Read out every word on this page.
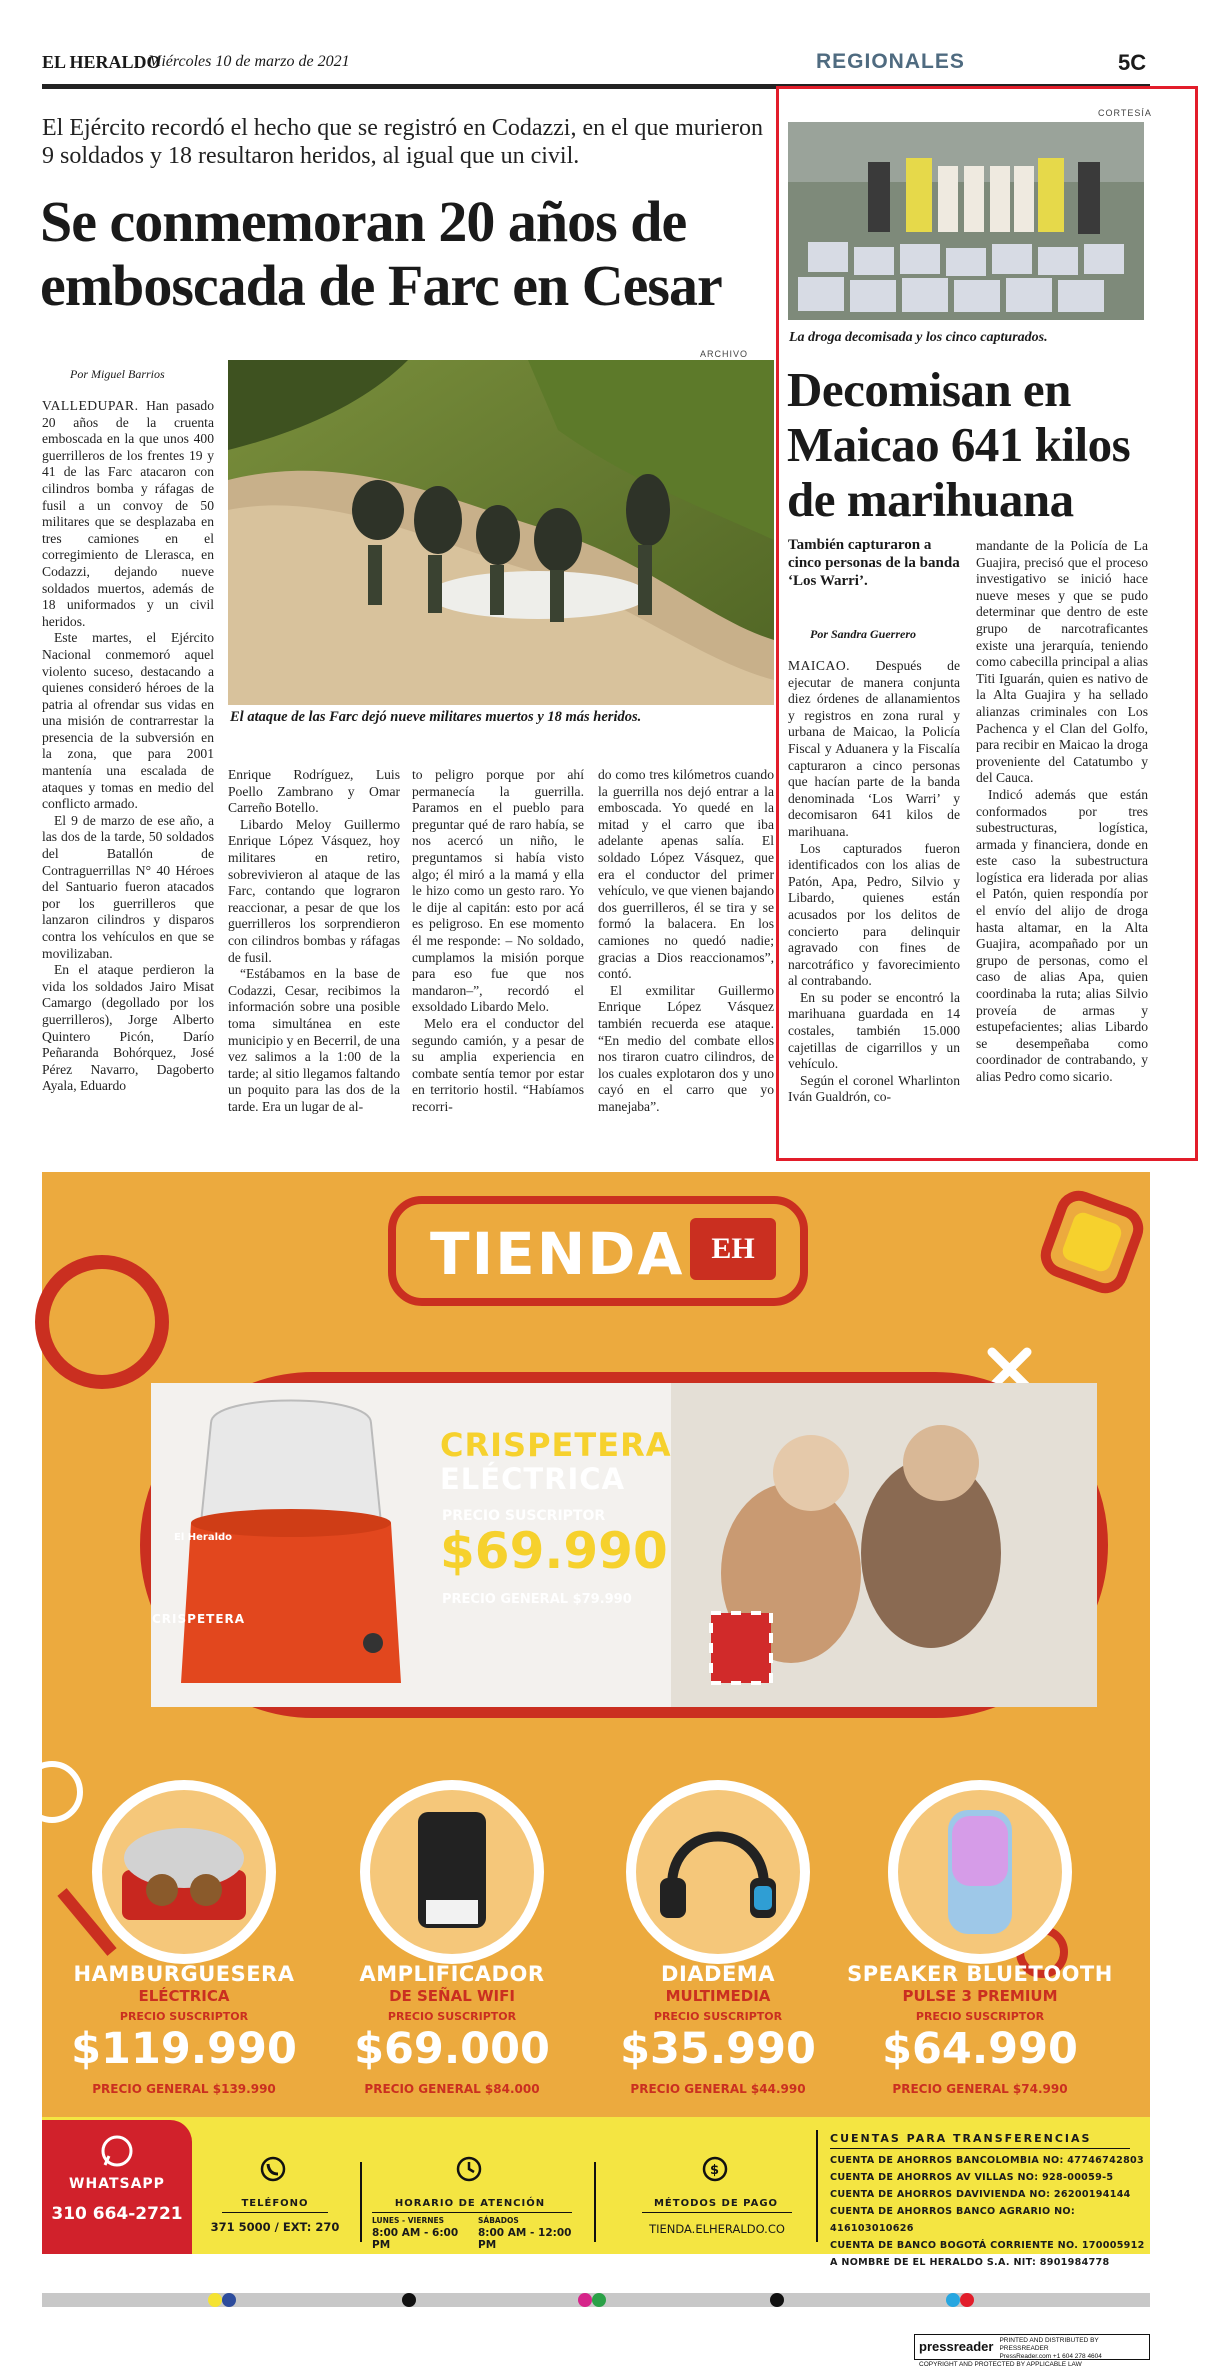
EL HERALDO
Miércoles 10 de marzo de 2021	REGIONALES	5C
El Ejército recordó el hecho que se registró en Codazzi, en el que murieron 9 soldados y 18 resultaron heridos, al igual que un civil.
Se conmemoran 20 años de emboscada de Farc en Cesar
ARCHIVO
El ataque de las Farc dejó nueve militares muertos y 18 más heridos.
Por Miguel Barrios

VALLEDUPAR. Han pasado 20 años de la cruenta emboscada en la que unos 400 guerrilleros de los frentes 19 y 41 de las Farc atacaron con cilindros bomba y ráfagas de fusil a un convoy de 50 militares que se desplazaba en tres camiones en el corregimiento de Llerasca, en Codazzi, dejando nueve soldados muertos, además de 18 uniformados y un civil heridos.

Este martes, el Ejército Nacional conmemoró aquel violento suceso, destacando a quienes consideró héroes de la patria al ofrendar sus vidas en una misión de contrarrestar la presencia de la subversión en la zona, que para 2001 mantenía una escalada de ataques y tomas en medio del conflicto armado.

El 9 de marzo de ese año, a las dos de la tarde, 50 soldados del Batallón de Contraguerrillas N° 40 Héroes del Santuario fueron atacados por los guerrilleros que lanzaron cilindros y disparos contra los vehículos en que se movilizaban.

En el ataque perdieron la vida los soldados Jairo Misat Camargo (degollado por los guerrilleros), Jorge Alberto Quintero Picón, Darío Peñaranda Bohórquez, José Pérez Navarro, Dagoberto Ayala, Eduardo

Enrique Rodríguez, Luis Poello Zambrano y Omar Carreño Botello.

Libardo Meloy Guillermo Enrique López Vásquez, hoy militares en retiro, sobrevivieron al ataque de las Farc, contando que lograron reaccionar, a pesar de que los guerrilleros los sorprendieron con cilindros bombas y ráfagas de fusil.

“Estábamos en la base de Codazzi, Cesar, recibimos la información sobre una posible toma simultánea en este municipio y en Becerril, de una vez salimos a la 1:00 de la tarde; al sitio llegamos faltando un poquito para las dos de la tarde. Era un lugar de al-

to peligro porque por ahí permanecía la guerrilla. Paramos en el pueblo para preguntar qué de raro había, se nos acercó un niño, le preguntamos si había visto algo; él miró a la mamá y ella le hizo como un gesto raro. Yo le dije al capitán: esto por acá es peligroso. En ese momento él me responde: – No soldado, cumplamos la misión porque para eso fue que nos mandaron–”, recordó el exsoldado Libardo Melo.

Melo era el conductor del segundo camión, y a pesar de su amplia experiencia en combate sentía temor por estar en territorio hostil. “Habíamos recorri-

do como tres kilómetros cuando la guerrilla nos dejó entrar a la emboscada. Yo quedé en la mitad y el carro que iba adelante apenas salía. El soldado López Vásquez, que era el conductor del primer vehículo, ve que vienen bajando dos guerrilleros, él se tira y se formó la balacera. En los camiones no quedó nadie; gracias a Dios reaccionamos”, contó.

El exmilitar Guillermo Enrique López Vásquez también recuerda ese ataque. “En medio del combate ellos nos tiraron cuatro cilindros, de los cuales explotaron dos y uno cayó en el carro que yo manejaba”.

CORTESÍA
La droga decomisada y los cinco capturados.
Decomisan en Maicao 641 kilos de marihuana
También capturaron a cinco personas de la banda ‘Los Warri’.
Por Sandra Guerrero

MAICAO. Después de ejecutar de manera conjunta diez órdenes de allanamientos y registros en zona rural y urbana de Maicao, la Policía Fiscal y Aduanera y la Fiscalía capturaron a cinco personas que hacían parte de la banda denominada ‘Los Warri’ y decomisaron 641 kilos de marihuana.

Los capturados fueron identificados con los alias de Patón, Apa, Pedro, Silvio y Libardo, quienes están acusados por los delitos de concierto para delinquir agravado con fines de narcotráfico y favorecimiento al contrabando.

En su poder se encontró la marihuana guardada en 14 costales, también 15.000 cajetillas de cigarrillos y un vehículo.

Según el coronel Wharlinton Iván Gualdrón, co-

mandante de la Policía de La Guajira, precisó que el proceso investigativo se inició hace nueve meses y que se pudo determinar que dentro de este grupo de narcotraficantes existe una jerarquía, teniendo como cabecilla principal a alias Titi Iguarán, quien es nativo de la Alta Guajira y ha sellado alianzas criminales con Los Pachenca y el Clan del Golfo, para recibir en Maicao la droga proveniente del Catatumbo y del Cauca.

Indicó además que están conformados por tres subestructuras, logística, armada y financiera, donde en este caso la subestructura logística era liderada por alias el Patón, quien respondía por el envío del alijo de droga hasta altamar, en la Alta Guajira, acompañado por un grupo de personas, como el caso de alias Apa, quien coordinaba la ruta; alias Silvio proveía de armas y estupefacientes; alias Libardo se desempeñaba como coordinador de contrabando, y alias Pedro como sicario.

TIENDA EH
El Heraldo
CRISPETERA
CRISPETERA
ELÉCTRICA
PRECIO SUSCRIPTOR
$69.990
PRECIO GENERAL $79.990
HAMBURGUESERA
ELÉCTRICA
PRECIO SUSCRIPTOR
$119.990
PRECIO GENERAL $139.990
AMPLIFICADOR
DE SEÑAL WIFI
PRECIO SUSCRIPTOR
$69.000
PRECIO GENERAL $84.000
DIADEMA
MULTIMEDIA
PRECIO SUSCRIPTOR
$35.990
PRECIO GENERAL $44.990
SPEAKER BLUETOOTH
PULSE 3 PREMIUM
PRECIO SUSCRIPTOR
$64.990
PRECIO GENERAL $74.990
WHATSAPP
310 664-2721
TELÉFONO
371 5000 / EXT: 270
HORARIO DE ATENCIÓN
LUNES - VIERNES
8:00 AM - 6:00 PM
SÁBADOS
8:00 AM - 12:00 PM
$
MÉTODOS DE PAGO
TIENDA.ELHERALDO.CO
CUENTAS PARA TRANSFERENCIAS
CUENTA DE AHORROS BANCOLOMBIA NO: 47746742803
CUENTA DE AHORROS AV VILLAS NO: 928-00059-5
CUENTA DE AHORROS DAVIVIENDA NO: 26200194144
CUENTA DE AHORROS BANCO AGRARIO NO: 416103010626
CUENTA DE BANCO BOGOTÁ CORRIENTE NO. 170005912
A NOMBRE DE EL HERALDO S.A. NIT: 8901984778
pressreader PRINTED AND DISTRIBUTED BY PRESSREADER
PressReader.com +1 604 278 4604
COPYRIGHT AND PROTECTED BY APPLICABLE LAW
